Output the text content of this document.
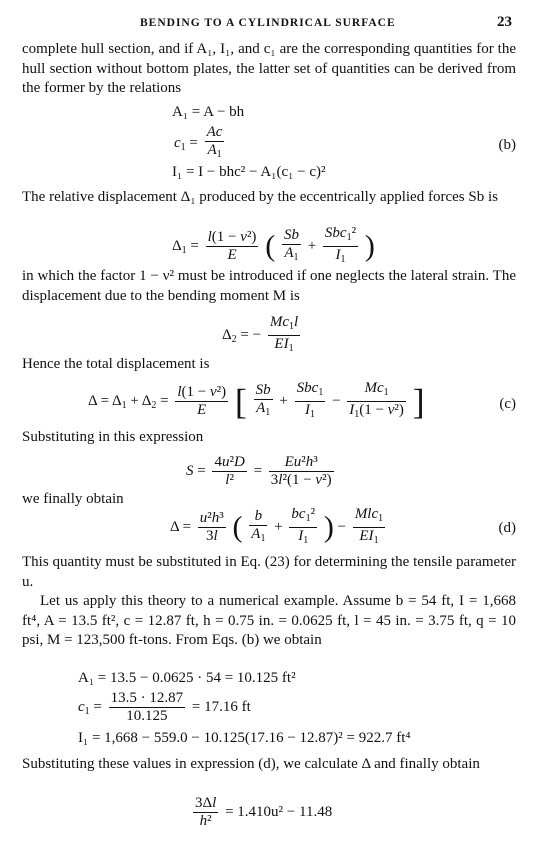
BENDING TO A CYLINDRICAL SURFACE	23
complete hull section, and if A₁, I₁, and c₁ are the corresponding quantities for the hull section without bottom plates, the latter set of quantities can be derived from the former by the relations
A₁ = A − bh
$c_1 = \frac{Ac}{A_1}$
I₁ = I − bhc² − A₁(c₁ − c)²
(b)
The relative displacement Δ₁ produced by the eccentrically applied forces Sb is
$\Delta_1 = \frac{\text{l(1 − ν²)}}{E}$ ( $\frac{Sb}{A_1} + \frac{Sbc_1^2}{I_1}$ )
in which the factor 1 − ν² must be introduced if one neglects the lateral strain. The displacement due to the bending moment M is
$\Delta_2$ = − $\frac{Mc_1l}{EI_1}$
Hence the total displacement is
$\Delta = \Delta_1 + \Delta_2 = \frac{\text{l(1 − ν²)}}{E}$ [ $\frac{Sb}{A_1} + \frac{Sbc_1}{I_1} - \frac{Mc_1}{I_1(1 - \nu^2)}$ ]	(c)
Substituting in this expression
$S = \frac{\text{4u²D}}{\text{l²}} = \frac{\text{Eu²h³}}{\text{3l²(1 − ν²)}}$
we finally obtain
$\Delta = \frac{\text{u²h³}}{3l}$ ( $\frac{b}{A_1} + \frac{bc_1^2}{I_1}$ ) − $\frac{Mlc_1}{EI_1}$	(d)
This quantity must be substituted in Eq. (23) for determining the tensile parameter u.
Let us apply this theory to a numerical example. Assume b = 54 ft, I = 1,668 ft⁴, A = 13.5 ft², c = 12.87 ft, h = 0.75 in. = 0.0625 ft, l = 45 in. = 3.75 ft, q = 10 psi, M = 123,500 ft-tons. From Eqs. (b) we obtain
A₁ = 13.5 − 0.0625 · 54 = 10.125 ft²
$c_1 = \frac{13.5 \cdot 12.87}{10.125} = 17.16$ ft
I₁ = 1,668 − 559.0 − 10.125(17.16 − 12.87)² = 922.7 ft⁴
Substituting these values in expression (d), we calculate Δ and finally obtain
$\frac{3\Delta l}{\text{h²}} = 1.410u^2 - 11.48$
